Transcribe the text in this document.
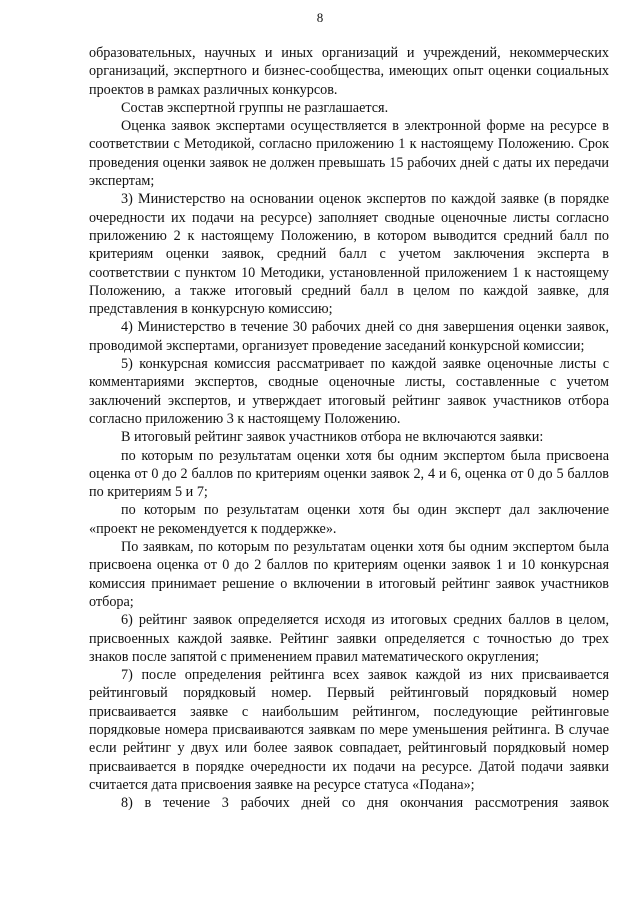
8

образовательных, научных и иных организаций и учреждений, некоммерческих организаций, экспертного и бизнес-сообщества, имеющих опыт оценки социальных проектов в рамках различных конкурсов.

Состав экспертной группы не разглашается.

Оценка заявок экспертами осуществляется в электронной форме на ресурсе в соответствии с Методикой, согласно приложению 1 к настоящему Положению. Срок проведения оценки заявок не должен превышать 15 рабочих дней с даты их передачи экспертам;

3) Министерство на основании оценок экспертов по каждой заявке (в порядке очередности их подачи на ресурсе) заполняет сводные оценочные листы согласно приложению 2 к настоящему Положению, в котором выводится средний балл по критериям оценки заявок, средний балл с учетом заключения эксперта в соответствии с пунктом 10 Методики, установленной приложением 1 к настоящему Положению, а также итоговый средний балл в целом по каждой заявке, для представления в конкурсную комиссию;

4) Министерство в течение 30 рабочих дней со дня завершения оценки заявок, проводимой экспертами, организует проведение заседаний конкурсной комиссии;

5) конкурсная комиссия рассматривает по каждой заявке оценочные листы с комментариями экспертов, сводные оценочные листы, составленные с учетом заключений экспертов, и утверждает итоговый рейтинг заявок участников отбора согласно приложению 3 к настоящему Положению.

В итоговый рейтинг заявок участников отбора не включаются заявки:

по которым по результатам оценки хотя бы одним экспертом была присвоена оценка от 0 до 2 баллов по критериям оценки заявок 2, 4 и 6, оценка от 0 до 5 баллов по критериям 5 и 7;

по которым по результатам оценки хотя бы один эксперт дал заключение «проект не рекомендуется к поддержке».

По заявкам, по которым по результатам оценки хотя бы одним экспертом была присвоена оценка от 0 до 2 баллов по критериям оценки заявок 1 и 10 конкурсная комиссия принимает решение о включении в итоговый рейтинг заявок участников отбора;

6) рейтинг заявок определяется исходя из итоговых средних баллов в целом, присвоенных каждой заявке. Рейтинг заявки определяется с точностью до трех знаков после запятой с применением правил математического округления;

7) после определения рейтинга всех заявок каждой из них присваивается рейтинговый порядковый номер. Первый рейтинговый порядковый номер присваивается заявке с наибольшим рейтингом, последующие рейтинговые порядковые номера присваиваются заявкам по мере уменьшения рейтинга. В случае если рейтинг у двух или более заявок совпадает, рейтинговый порядковый номер присваивается в порядке очередности их подачи на ресурсе. Датой подачи заявки считается дата присвоения заявке на ресурсе статуса «Подана»;

8) в течение 3 рабочих дней со дня окончания рассмотрения заявок
